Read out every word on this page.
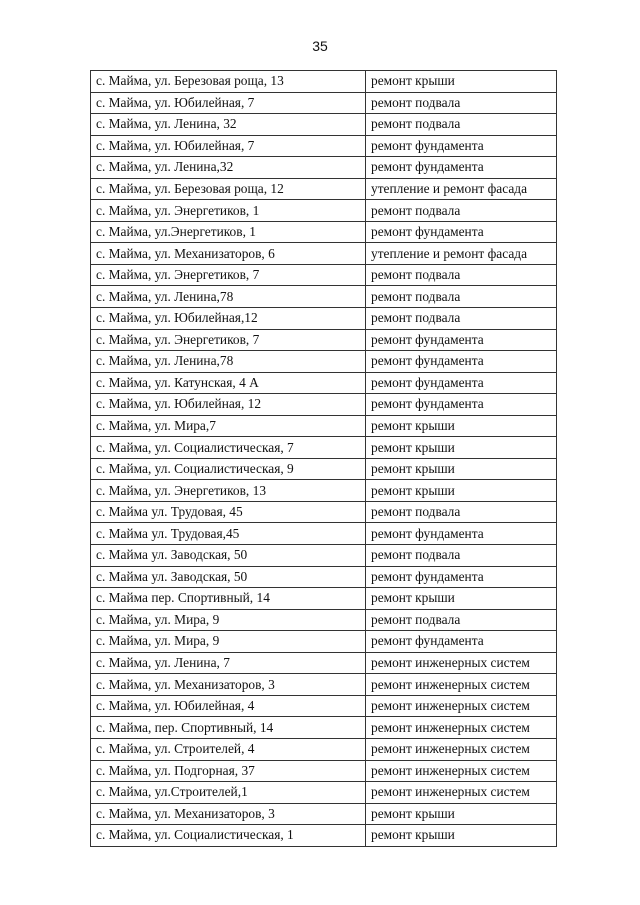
35
с. Майма, ул. Березовая роща, 13	ремонт крыши
с. Майма, ул. Юбилейная, 7	ремонт подвала
с. Майма, ул. Ленина, 32	ремонт подвала
с. Майма, ул. Юбилейная, 7	ремонт фундамента
с. Майма, ул. Ленина,32	ремонт фундамента
с. Майма, ул. Березовая роща, 12	утепление и ремонт фасада
с. Майма, ул. Энергетиков, 1	ремонт подвала
с. Майма, ул.Энергетиков, 1	ремонт фундамента
с. Майма, ул. Механизаторов, 6	утепление и ремонт фасада
с. Майма, ул. Энергетиков, 7	ремонт подвала
с. Майма, ул. Ленина,78	ремонт подвала
с. Майма, ул. Юбилейная,12	ремонт подвала
с. Майма, ул. Энергетиков, 7	ремонт фундамента
с. Майма, ул. Ленина,78	ремонт фундамента
с. Майма, ул. Катунская, 4 А	ремонт фундамента
с. Майма, ул. Юбилейная, 12	ремонт фундамента
с. Майма, ул. Мира,7	ремонт крыши
с. Майма, ул. Социалистическая, 7	ремонт крыши
с. Майма, ул. Социалистическая, 9	ремонт крыши
с. Майма, ул. Энергетиков, 13	ремонт крыши
с. Майма ул. Трудовая, 45	ремонт подвала
с. Майма ул. Трудовая,45	ремонт фундамента
с. Майма ул. Заводская, 50	ремонт подвала
с. Майма ул. Заводская, 50	ремонт фундамента
с. Майма пер. Спортивный, 14	ремонт крыши
с. Майма, ул. Мира, 9	ремонт подвала
с. Майма, ул. Мира, 9	ремонт фундамента
с. Майма, ул. Ленина, 7	ремонт инженерных систем
с. Майма, ул. Механизаторов, 3	ремонт инженерных систем
с. Майма, ул. Юбилейная, 4	ремонт инженерных систем
с. Майма, пер. Спортивный, 14	ремонт инженерных систем
с. Майма, ул. Строителей, 4	ремонт инженерных систем
с. Майма, ул. Подгорная, 37	ремонт инженерных систем
с. Майма, ул.Строителей,1	ремонт инженерных систем
с. Майма, ул. Механизаторов, 3	ремонт крыши
с. Майма, ул. Социалистическая, 1	ремонт крыши
